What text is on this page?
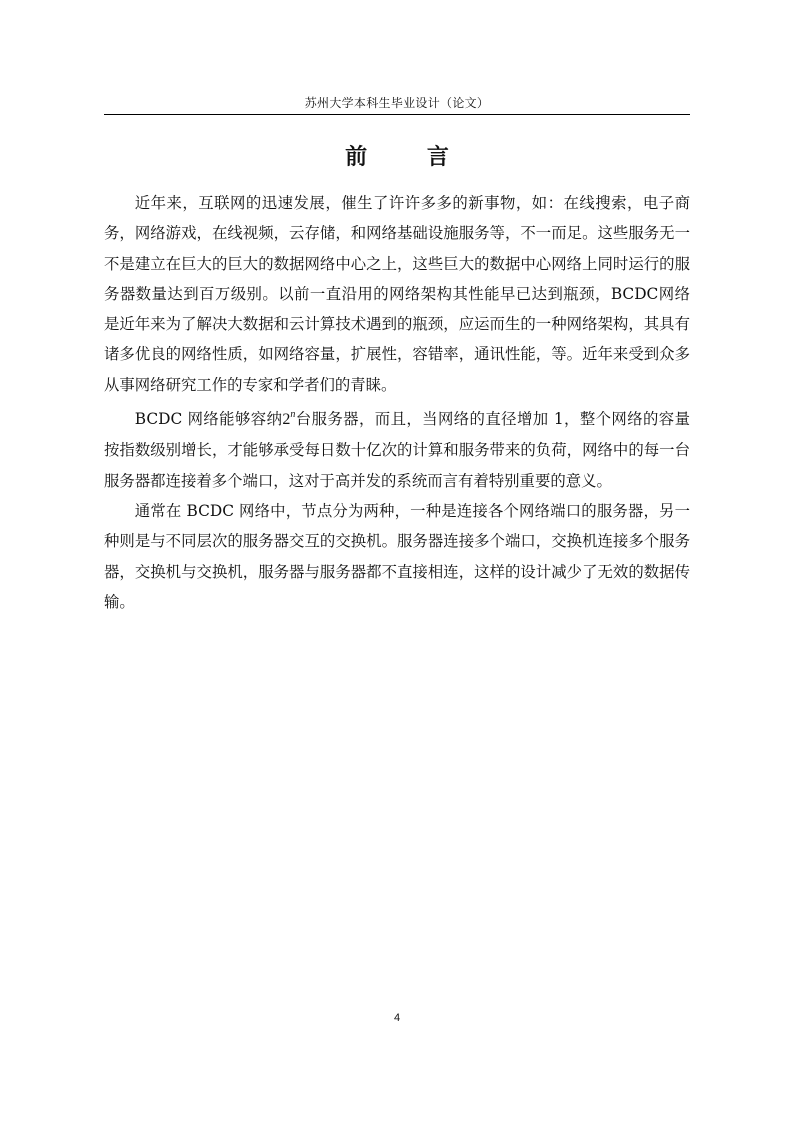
苏州大学本科生毕业设计（论文）
前 言

近年来，互联网的迅速发展，催生了许许多多的新事物，如：在线搜索，电子商务，网络游戏，在线视频，云存储，和网络基础设施服务等，不一而足。这些服务无一不是建立在巨大的巨大的数据网络中心之上，这些巨大的数据中心网络上同时运行的服务器数量达到百万级别。以前一直沿用的网络架构其性能早已达到瓶颈，BCDC网络是近年来为了解决大数据和云计算技术遇到的瓶颈，应运而生的一种网络架构，其具有诸多优良的网络性质，如网络容量，扩展性，容错率，通讯性能，等。近年来受到众多从事网络研究工作的专家和学者们的青睐。

BCDC 网络能够容纳2$^n$台服务器，而且，当网络的直径增加 1，整个网络的容量按指数级别增长，才能够承受每日数十亿次的计算和服务带来的负荷，网络中的每一台服务器都连接着多个端口，这对于高并发的系统而言有着特别重要的意义。

通常在 BCDC 网络中，节点分为两种，一种是连接各个网络端口的服务器，另一种则是与不同层次的服务器交互的交换机。服务器连接多个端口，交换机连接多个服务器，交换机与交换机，服务器与服务器都不直接相连，这样的设计减少了无效的数据传输。

4
